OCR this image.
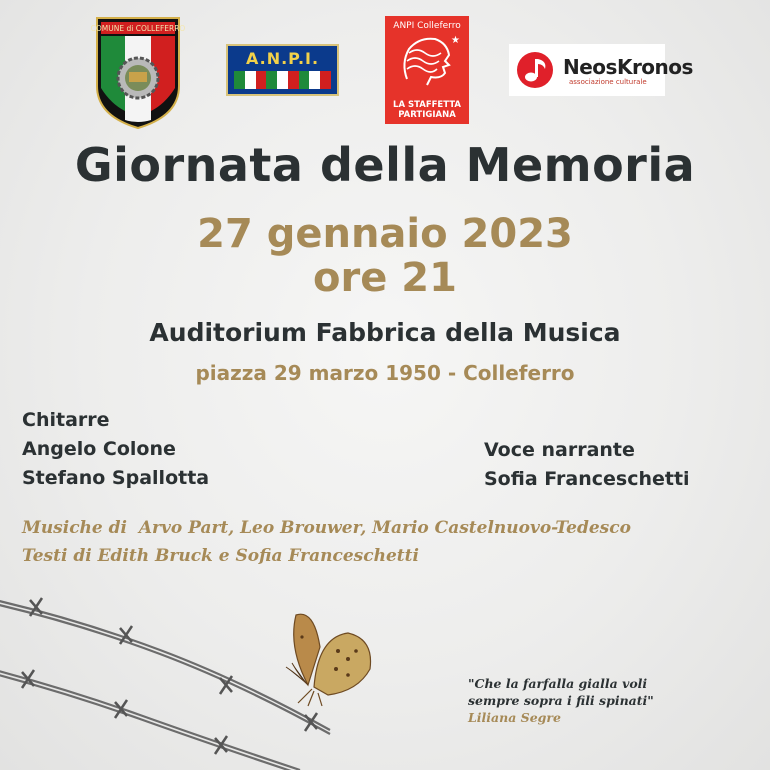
COMUNE di COLLEFERRO
A.N.P.I.
ANPI Colleferro
★
LA STAFFETTA
PARTIGIANA
NeosKronos
associazione culturale
Giornata della Memoria
27 gennaio 2023
ore 21
Auditorium Fabbrica della Musica
piazza 29 marzo 1950 - Colleferro
Chitarre
Angelo Colone
Stefano Spallotta
Voce narrante
Sofia Franceschetti
Musiche di  Arvo Part, Leo Brouwer, Mario Castelnuovo-Tedesco
Testi di Edith Bruck e Sofia Franceschetti
"Che la farfalla gialla voli
sempre sopra i fili spinati"
Liliana Segre
